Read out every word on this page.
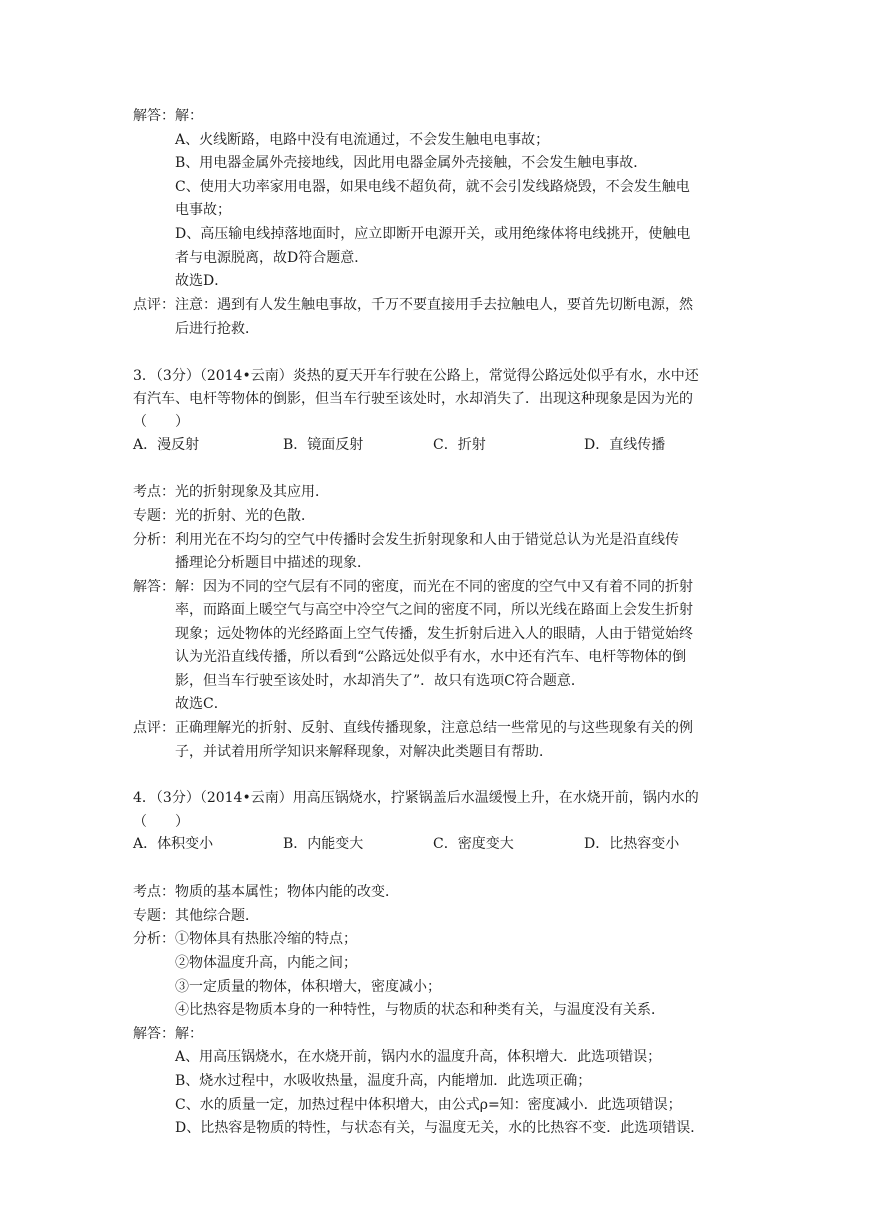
解答：解：
A、火线断路，电路中没有电流通过，不会发生触电电事故；
B、用电器金属外壳接地线，因此用电器金属外壳接触，不会发生触电事故．
C、使用大功率家用电器，如果电线不超负荷，就不会引发线路烧毁，不会发生触电
电事故；
D、高压输电线掉落地面时，应立即断开电源开关，或用绝缘体将电线挑开，使触电
者与电源脱离，故D符合题意．
故选D．
点评：注意：遇到有人发生触电事故，千万不要直接用手去拉触电人，要首先切断电源，然
后进行抢救．
3．（3分）（2014•云南）炎热的夏天开车行驶在公路上，常觉得公路远处似乎有水，水中还
有汽车、电杆等物体的倒影，但当车行驶至该处时，水却消失了．出现这种现象是因为光的
（　　）
A．漫反射	B．镜面反射	C．折射	D．直线传播
考点：光的折射现象及其应用．
专题：光的折射、光的色散．
分析：利用光在不均匀的空气中传播时会发生折射现象和人由于错觉总认为光是沿直线传
播理论分析题目中描述的现象．
解答：解：因为不同的空气层有不同的密度，而光在不同的密度的空气中又有着不同的折射
率，而路面上暖空气与高空中冷空气之间的密度不同，所以光线在路面上会发生折射
现象；远处物体的光经路面上空气传播，发生折射后进入人的眼睛，人由于错觉始终
认为光沿直线传播，所以看到“公路远处似乎有水，水中还有汽车、电杆等物体的倒
影，但当车行驶至该处时，水却消失了”．故只有选项C符合题意．
故选C．
点评：正确理解光的折射、反射、直线传播现象，注意总结一些常见的与这些现象有关的例
子，并试着用所学知识来解释现象，对解决此类题目有帮助．
4．（3分）（2014•云南）用高压锅烧水，拧紧锅盖后水温缓慢上升，在水烧开前，锅内水的
（　　）
A．体积变小	B．内能变大	C．密度变大	D．比热容变小
考点：物质的基本属性；物体内能的改变．
专题：其他综合题．
分析：①物体具有热胀冷缩的特点；
②物体温度升高，内能之间；
③一定质量的物体，体积增大，密度减小；
④比热容是物质本身的一种特性，与物质的状态和种类有关，与温度没有关系．
解答：解：
A、用高压锅烧水，在水烧开前，锅内水的温度升高，体积增大．此选项错误；
B、烧水过程中，水吸收热量，温度升高，内能增加．此选项正确；
C、水的质量一定，加热过程中体积增大，由公式ρ=知：密度减小．此选项错误；
D、比热容是物质的特性，与状态有关，与温度无关，水的比热容不变．此选项错误．
